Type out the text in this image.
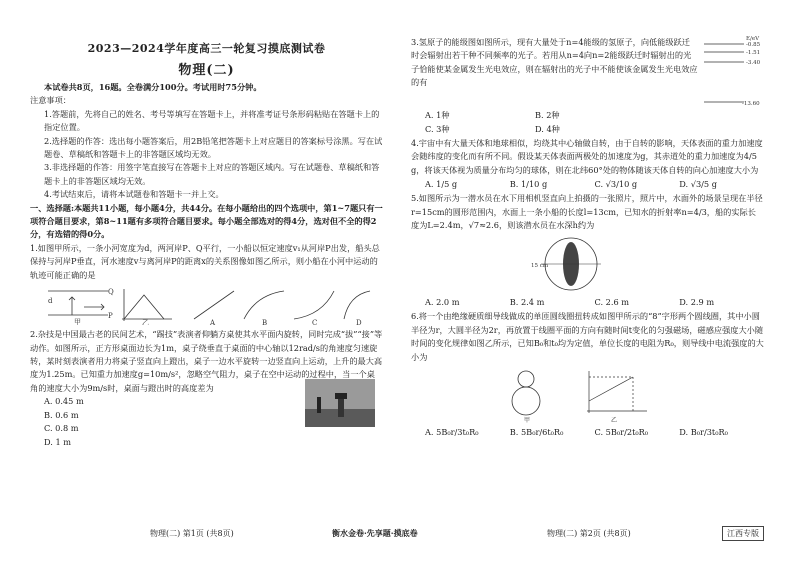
2023—2024学年度高三一轮复习摸底测试卷

物理(二)

本试卷共8页，16题。全卷满分100分。考试用时75分钟。

注意事项：

1.答题前，先将自己的姓名、考号等填写在答题卡上，并将准考证号条形码粘贴在答题卡上的指定位置。

2.选择题的作答：选出每小题答案后，用2B铅笔把答题卡上对应题目的答案标号涂黑。写在试题卷、草稿纸和答题卡上的非答题区域均无效。

3.非选择题的作答：用签字笔直接写在答题卡上对应的答题区域内。写在试题卷、草稿纸和答题卡上的非答题区域均无效。

4.考试结束后，请将本试题卷和答题卡一并上交。

一、选择题:本题共11小题，每小题4分，共44分。在每小题给出的四个选项中，第1~7题只有一项符合题目要求，第8~11题有多项符合题目要求。每小题全部选对的得4分，选对但不全的得2分，有选错的得0分。

1.如图甲所示，一条小河宽度为d，两河岸P、Q平行，一小船以恒定速度v₁从河岸P出发，船头总保持与河岸P垂直，河水速度v与离河岸P的距离x的关系图像如图乙所示，则小船在小河中运动的轨迹可能正确的是

d
Q
P
甲	乙	A	B	C	D

2.杂技是中国最古老的民间艺术，“踢技”表演者仰躺方桌使其水平面内旋转，同时完成“拔”“接”等动作。如图所示，正方形桌面边长为1m，桌子绕垂直于桌面的中心轴以12rad/s的角速度匀速旋转，某时刻表演者用力将桌子竖直向上蹬出，桌子一边水平旋转一边竖直向上运动，上升的最大高度为1.25m。已知重力加速度g=10m/s²，忽略空气阻力，桌子在空中运动的过程中，当一个桌角的速度大小为9m/s时，桌面与蹬出时的高度差为

A. 0.45 m
B. 0.6 m
C. 0.8 m
D. 1 m
物理(二) 第1页 (共8页)	衡水金卷·先享题·摸底卷

3.氢原子的能级图如图所示，现有大量处于n=4能级的氢原子，向低能级跃迁时会辐射出若干种不同频率的光子。若用从n=4向n=2能级跃迁时辐射出的光子恰能使某金属发生光电效应，则在辐射出的光子中不能使该金属发生光电效应的有

E/eV
-0.85
-1.51
-3.40
-13.60
A. 1种	B. 2种
C. 3种	D. 4种

4.宇宙中有大量天体和地球相似，均绕其中心轴做自转，由于自转的影响，天体表面的重力加速度会随纬度的变化而有所不同。假设某天体表面两极处的加速度为g，其赤道处的重力加速度为4/5 g，将该天体视为质量分布均匀的球体，则在北纬60°处的物体随该天体自转的向心加速度大小为

A. 1/5 g	B. 1/10 g	C. √3/10 g	D. √3/5 g

5.如图所示为一潜水员在水下用相机竖直向上拍摄的一张照片，照片中，水面外的场景呈现在半径r=15cm的圆形范围内，水面上一条小船的长度l=13cm，已知水的折射率n=4/3，船的实际长度为L=2.4m，√7≈2.6，则该潜水员在水深h约为

15 cm
A. 2.0 m	B. 2.4 m	C. 2.6 m	D. 2.9 m

6.将一个由绝缘硬质细导线做成的单匝圆线圈扭转成如图甲所示的“8”字形两个圆线圈，其中小圆半径为r，大圆半径为2r，再放置于线圈平面的方向有随时间t变化的匀强磁场，磁感应强度大小随时间的变化规律如图乙所示，已知B₀和t₀均为定值，单位长度的电阻为R₀，则导线中电流强度的大小为

甲	乙
A. 5B₀r/3t₀R₀	B. 5B₀r/6t₀R₀	C. 5B₀r/2t₀R₀	D. B₀r/3t₀R₀
物理(二) 第2页 (共8页)	江西专版
